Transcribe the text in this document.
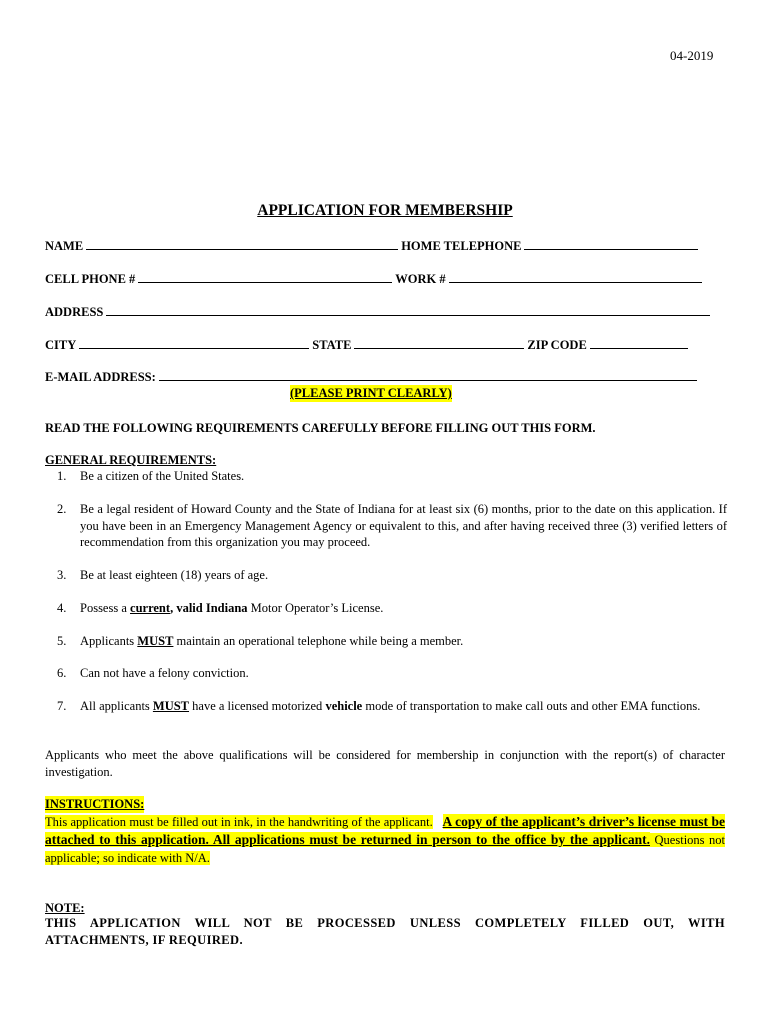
04-2019
APPLICATION FOR MEMBERSHIP
NAME	HOME TELEPHONE
CELL PHONE #	WORK #
ADDRESS
CITY	STATE	ZIP CODE
E-MAIL ADDRESS:
(PLEASE PRINT CLEARLY)
READ THE FOLLOWING REQUIREMENTS CAREFULLY BEFORE FILLING OUT THIS FORM.
GENERAL REQUIREMENTS:
1. Be a citizen of the United States.
2. Be a legal resident of Howard County and the State of Indiana for at least six (6) months, prior to the date on this application. If you have been in an Emergency Management Agency or equivalent to this, and after having received three (3) verified letters of recommendation from this organization you may proceed.
3. Be at least eighteen (18) years of age.
4. Possess a current, valid Indiana Motor Operator’s License.
5. Applicants MUST maintain an operational telephone while being a member.
6. Can not have a felony conviction.
7. All applicants MUST have a licensed motorized vehicle mode of transportation to make call outs and other EMA functions.
Applicants who meet the above qualifications will be considered for membership in conjunction with the report(s) of character investigation.
INSTRUCTIONS:
This application must be filled out in ink, in the handwriting of the applicant. A copy of the applicant’s driver’s license must be attached to this application. All applications must be returned in person to the office by the applicant. Questions not applicable; so indicate with N/A.
NOTE:
THIS APPLICATION WILL NOT BE PROCESSED UNLESS COMPLETELY FILLED OUT, WITH ATTACHMENTS, IF REQUIRED.
